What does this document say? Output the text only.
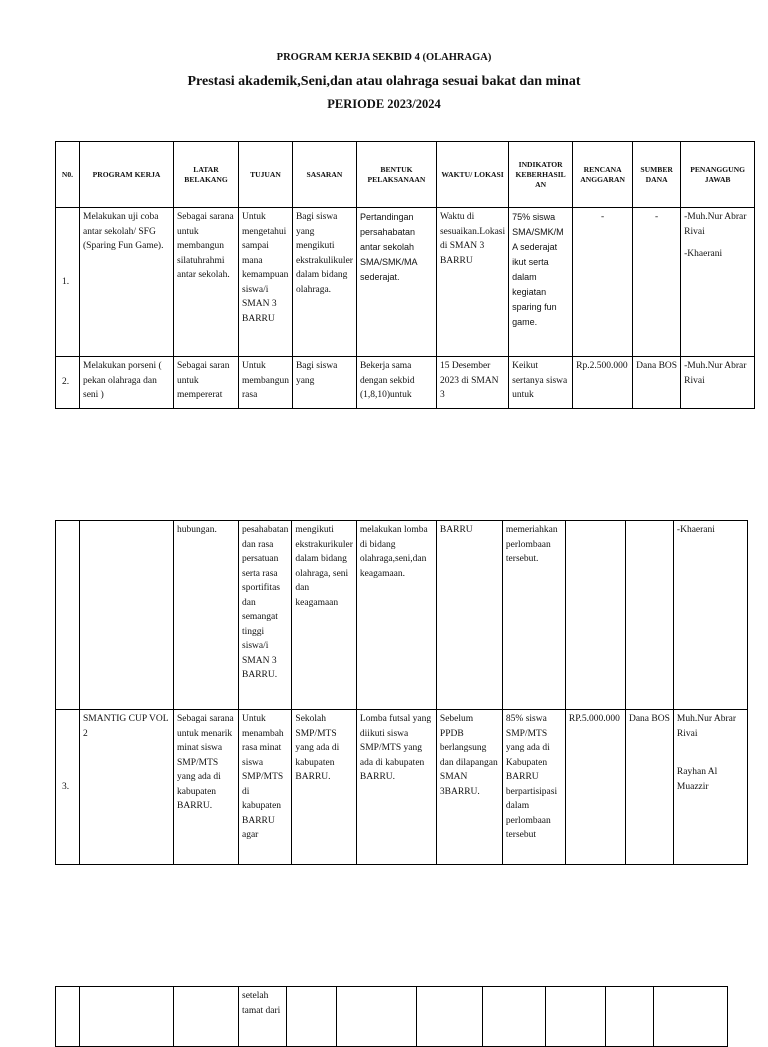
PROGRAM KERJA SEKBID 4 (OLAHRAGA)
Prestasi akademik,Seni,dan atau olahraga sesuai bakat dan minat
PERIODE 2023/2024
N0.	PROGRAM KERJA	LATAR BELAKANG	TUJUAN	SASARAN	BENTUK PELAKSANAAN	WAKTU/ LOKASI	INDIKATOR KEBERHASIL AN	RENCANA ANGGARAN	SUMBER DANA	PENANGGUNG JAWAB
1.	Melakukan uji coba antar sekolah/ SFG (Sparing Fun Game).	Sebagai sarana untuk membangun silatuhrahmi antar sekolah.	Untuk mengetahui sampai mana kemampuan siswa/i SMAN 3 BARRU	Bagi siswa yang mengikuti ekstrakulikuler dalam bidang olahraga.	Pertandingan persahabatan antar sekolah SMA/SMK/MA sederajat.	Waktu di sesuaikan.Lokasi di SMAN 3 BARRU	75% siswa SMA/SMK/MA sederajat ikut serta dalam kegiatan sparing fun game.	-	-	-Muh.Nur Abrar Rivai

-Khaerani

2.	Melakukan porseni ( pekan olahraga dan seni )	Sebagai saran untuk mempererat	Untuk membangun rasa	Bagi siswa yang	Bekerja sama dengan sekbid (1,8,10)untuk	15 Desember 2023 di SMAN 3	Keikut sertanya siswa untuk	Rp.2.500.000	Dana BOS	-Muh.Nur Abrar Rivai
		hubungan.	pesahabatan dan rasa persatuan serta rasa sportifitas dan semangat tinggi siswa/i SMAN 3 BARRU.	mengikuti ekstrakurikuler dalam bidang olahraga, seni dan keagamaan	melakukan lomba di bidang olahraga,seni,dan keagamaan.	BARRU	memeriahkan perlombaan tersebut.			-Khaerani
3.	SMANTIG CUP VOL 2	Sebagai sarana untuk menarik minat siswa SMP/MTS yang ada di kabupaten BARRU.	Untuk menambah rasa minat siswa SMP/MTS di kabupaten BARRU agar	Sekolah SMP/MTS yang ada di kabupaten BARRU.	Lomba futsal yang diikuti siswa SMP/MTS yang ada di kabupaten BARRU.	Sebelum PPDB berlangsung dan dilapangan SMAN 3BARRU.	85% siswa SMP/MTS yang ada di Kabupaten BARRU berpartisipasi dalam perlombaan tersebut	RP.5.000.000	Dana BOS	Muh.Nur Abrar Rivai

Rayhan Al Muazzir

			setelah tamat dari							
